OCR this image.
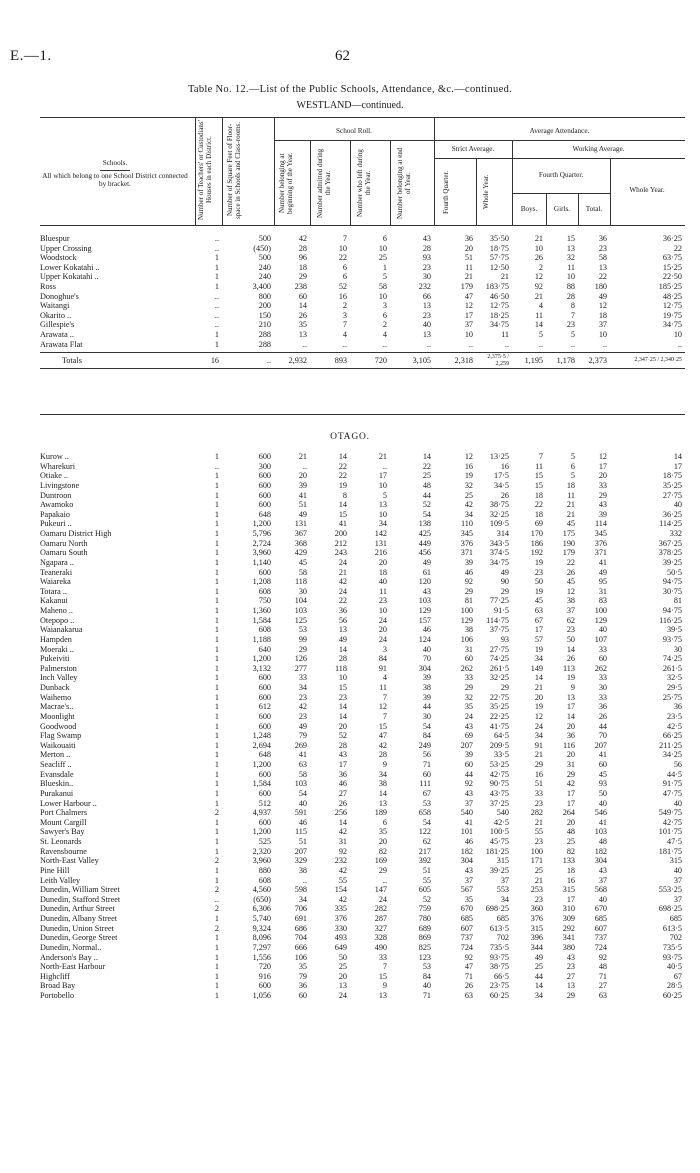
E.—1.	62
Table No. 12.—List of the Public Schools, Attendance, &c.—continued.
WESTLAND—continued.
Schools.
All which belong to one School District connected by bracket.	Number of Teachers' or Custodians' Houses in each District.	Number of Square Feet of Floor-space in Schools and Class-rooms.	School Roll.
Number belonging at beginning of the Year.	Number admitted during the Year.	Number who left during the Year.	Number belonging at end of Year.
Average Attendance.
Strict Average.	Working Average.
Fourth Quarter.	Whole Year.	Fourth Quarter.
Boys.	Girls.	Total.
Whole Year.
Bluespur	..	500	42	7	6	43	36	35·50	21	15	36	36·25
Upper Crossing	..	(450)	28	10	10	28	20	18·75	10	13	23	22
Woodstock	1	500	96	22	25	93	51	57·75	26	32	58	63·75
Lower Kokatahi ..	1	240	18	6	1	23	11	12·50	2	11	13	15·25
Upper Kokatahi ..	1	240	29	6	5	30	21	21	12	10	22	22·50
Ross	1	3,400	238	52	58	232	179	183·75	92	88	180	185·25
Donoghue's	..	800	60	16	10	66	47	46·50	21	28	49	48·25
Waitangi	..	200	14	2	3	13	12	12·75	4	8	12	12·75
Okarito ..	..	150	26	3	6	23	17	18·25	11	7	18	19·75
Gillespie's	..	210	35	7	2	40	37	34·75	14	23	37	34·75
Arawata ..	1	288	13	4	4	13	10	11	5	5	10	10
Arawata Flat	1	288	..	..	..	..	..	..	..	..	..	..
Totals	16	..	2,932	893	720	3,105	2,318	2,375·5 / 2,259	1,195	1,178	2,373	2,347·25 / 2,340·25
OTAGO.
Kurow ..	1	600	21	14	21	14	12	13·25	7	5	12	14
Wharekuri	..	300	..	22	..	22	16	16	11	6	17	17
Otiake ..	1	600	20	22	17	25	19	17·5	15	5	20	18·75
Livingstone	1	600	39	19	10	48	32	34·5	15	18	33	35·25
Duntroon	1	600	41	8	5	44	25	26	18	11	29	27·75
Awamoko	1	600	51	14	13	52	42	38·75	22	21	43	40
Papakaio	1	648	49	15	10	54	34	32·25	18	21	39	36·25
Pukeuri ..	1	1,200	131	41	34	138	110	109·5	69	45	114	114·25
Oamaru District High	1	5,796	367	200	142	425	345	314	170	175	345	332
Oamaru North	1	2,724	368	212	131	449	376	343·5	186	190	376	367·25
Oamaru South	1	3,960	429	243	216	456	371	374·5	192	179	371	378·25
Ngapara ..	1	1,140	45	24	20	49	39	34·75	19	22	41	39·25
Teaneraki	1	600	58	21	18	61	46	49	23	26	49	50·5
Waiareka	1	1,208	118	42	40	120	92	90	50	45	95	94·75
Totara ..	1	608	30	24	11	43	29	29	19	12	31	30·75
Kakanui	1	750	104	22	23	103	81	77·25	45	38	83	81
Maheno ..	1	1,360	103	36	10	129	100	91·5	63	37	100	94·75
Otepopo ..	1	1,584	125	56	24	157	129	114·75	67	62	129	116·25
Waianakarua	1	608	53	13	20	46	38	37·75	17	23	40	39·5
Hampden	1	1,188	99	49	24	124	106	93	57	50	107	93·75
Moeraki ..	1	640	29	14	3	40	31	27·75	19	14	33	30
Pukeiviti	1	1,200	126	28	84	70	60	74·25	34	26	60	74·25
Palmerston	1	3,132	277	118	91	304	262	261·5	149	113	262	261·5
Inch Valley	1	600	33	10	4	39	33	32·25	14	19	33	32·5
Dunback	1	600	34	15	11	38	29	29	21	9	30	29·5
Waihemo	1	600	23	23	7	39	32	22·75	20	13	33	25·75
Macrae's..	1	612	42	14	12	44	35	35·25	19	17	36	36
Moonlight	1	600	23	14	7	30	24	22·25	12	14	26	23·5
Goodwood	1	600	49	20	15	54	43	41·75	24	20	44	42·5
Flag Swamp	1	1,248	79	52	47	84	69	64·5	34	36	70	66·25
Waikouaiti	1	2,694	269	28	42	249	207	209·5	91	116	207	211·25
Merton ..	1	648	41	43	28	56	39	33·5	21	20	41	34·25
Seacliff ..	1	1,200	63	17	9	71	60	53·25	29	31	60	56
Evansdale	1	600	58	36	34	60	44	42·75	16	29	45	44·5
Blueskin..	1	1,584	103	46	38	111	92	90·75	51	42	93	91·75
Purakanui	1	600	54	27	14	67	43	43·75	33	17	50	47·75
Lower Harbour ..	1	512	40	26	13	53	37	37·25	23	17	40	40
Port Chalmers	2	4,937	591	256	189	658	540	540	282	264	546	549·75
Mount Cargill	1	600	46	14	6	54	41	42·5	21	20	41	42·75
Sawyer's Bay	1	1,200	115	42	35	122	101	100·5	55	48	103	101·75
St. Leonards	1	525	51	31	20	62	46	45·75	23	25	48	47·5
Ravensbourne	1	2,320	207	92	82	217	182	181·25	100	82	182	181·75
North-East Valley	2	3,960	329	232	169	392	304	315	171	133	304	315
Pine Hill	1	880	38	42	29	51	43	39·25	25	18	43	40
Leith Valley	1	608	..	55	..	55	37	37	21	16	37	37
Dunedin, William Street	2	4,560	598	154	147	605	567	553	253	315	568	553·25
Dunedin, Stafford Street	..	(650)	34	42	24	52	35	34	23	17	40	37
Dunedin, Arthur Street	2	6,306	706	335	282	759	670	698·25	360	310	670	698·25
Dunedin, Albany Street	1	5,740	691	376	287	780	685	685	376	309	685	685
Dunedin, Union Street	2	9,324	686	330	327	689	607	613·5	315	292	607	613·5
Dunedin, George Street	1	8,096	704	493	328	869	737	702	396	341	737	702
Dunedin, Normal..	1	7,297	666	649	490	825	724	735·5	344	380	724	735·5
Anderson's Bay ..	1	1,556	106	50	33	123	92	93·75	49	43	92	93·75
North-East Harbour	1	720	35	25	7	53	47	38·75	25	23	48	40·5
Highcliff	1	916	79	20	15	84	71	66·5	44	27	71	67
Broad Bay	1	600	36	13	9	40	26	23·75	14	13	27	28·5
Portobello	1	1,056	60	24	13	71	63	60·25	34	29	63	60·25
